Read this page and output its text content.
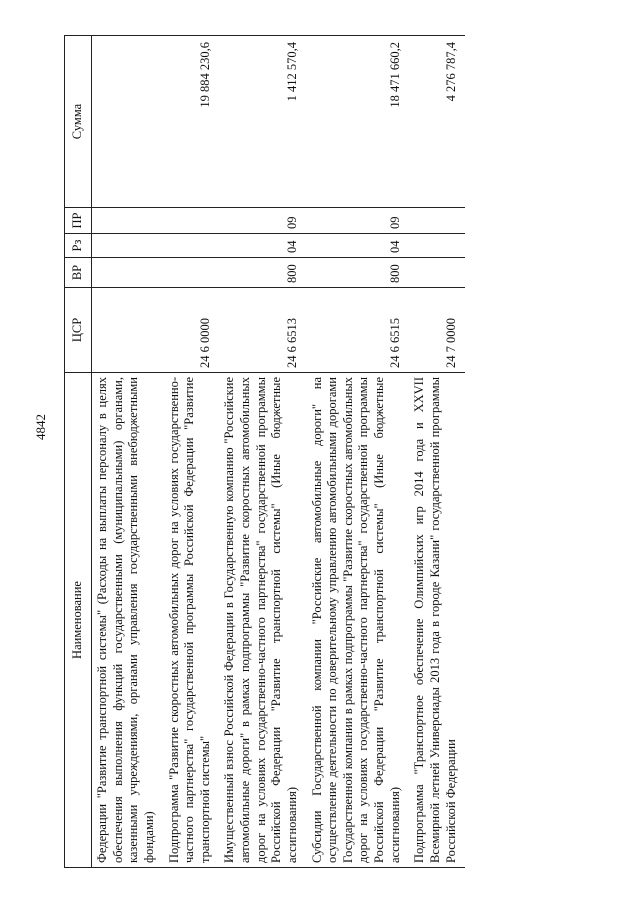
4842
Наименование	ЦСР	ВР	Рз	ПР	Сумма
Федерации "Развитие транспортной системы" (Расходы на выплаты персоналу в целях обеспечения выполнения функций государственными (муниципальными) органами, казенными учреждениями, органами управления государственными внебюджетными фондами)					
Подпрограмма "Развитие скоростных автомобильных дорог на условиях государственно-частного партнерства" государственной программы Российской Федерации "Развитие транспортной системы"	24 6 0000				19 884 230,6
Имущественный взнос Российской Федерации в Государственную компанию "Российские автомобильные дороги" в рамках подпрограммы "Развитие скоростных автомобильных дорог на условиях государственно-частного партнерства" государственной программы Российской Федерации "Развитие транспортной системы" (Иные бюджетные ассигнования)	24 6 6513	800	04	09	1 412 570,4
Субсидии Государственной компании "Российские автомобильные дороги" на осуществление деятельности по доверительному управлению автомобильными дорогами Государственной компании в рамках подпрограммы "Развитие скоростных автомобильных дорог на условиях государственно-частного партнерства" государственной программы Российской Федерации "Развитие транспортной системы" (Иные бюджетные ассигнования)	24 6 6515	800	04	09	18 471 660,2
Подпрограмма "Транспортное обеспечение Олимпийских игр 2014 года и XXVII Всемирной летней Универсиады 2013 года в городе Казани" государственной программы Российской Федерации	24 7 0000				4 276 787,4
